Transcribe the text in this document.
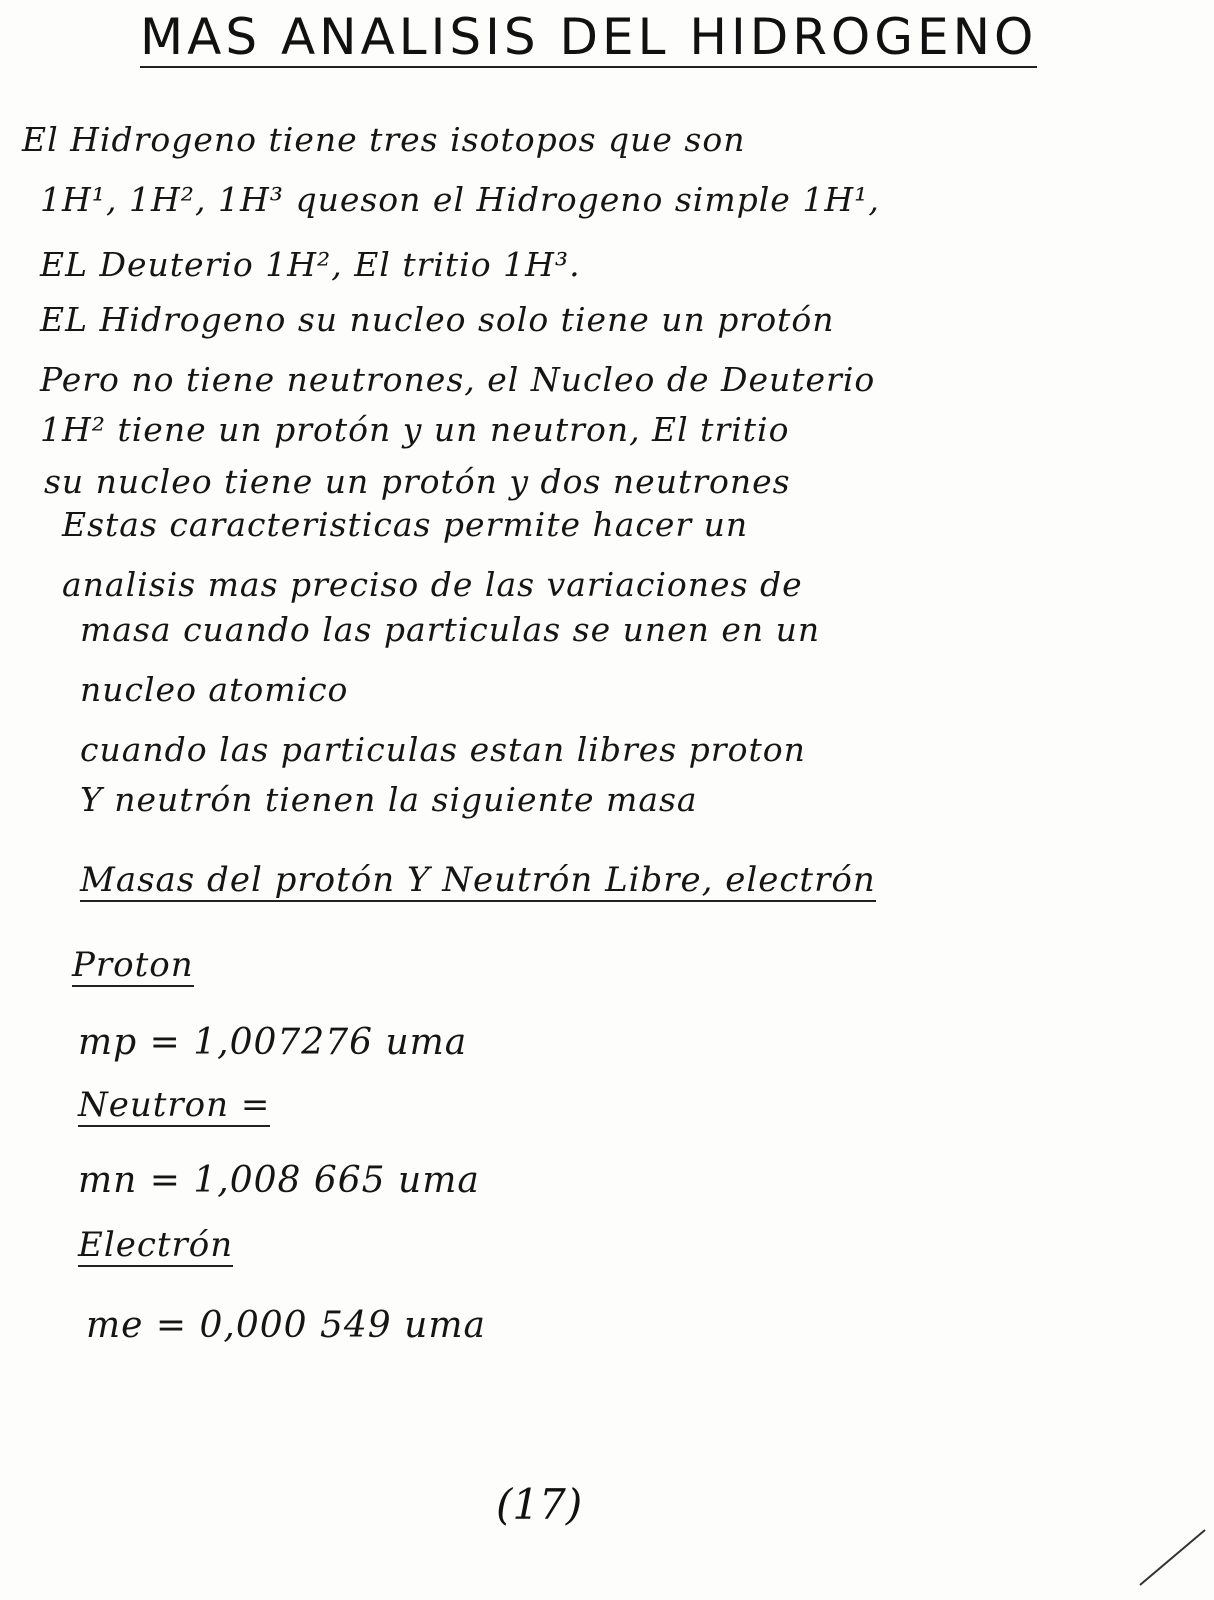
MAS ANALISIS DEL HIDROGENO
El Hidrogeno tiene tres isotopos que son
1H¹, 1H², 1H³ queson el Hidrogeno simple 1H¹,
EL Deuterio 1H², El tritio 1H³.
EL Hidrogeno su nucleo solo tiene un protón
Pero no tiene neutrones, el Nucleo de Deuterio
1H² tiene un protón y un neutron, El tritio
su nucleo tiene un protón y dos neutrones
Estas caracteristicas permite hacer un
analisis mas preciso de las variaciones de
masa cuando las particulas se unen en un
nucleo atomico
cuando las particulas estan libres proton
Y neutrón tienen la siguiente masa
Masas del protón Y Neutrón Libre, electrón
Proton
mp = 1,007276 uma
Neutron =
mn = 1,008 665 uma
Electrón
me = 0,000 549 uma
(17)
